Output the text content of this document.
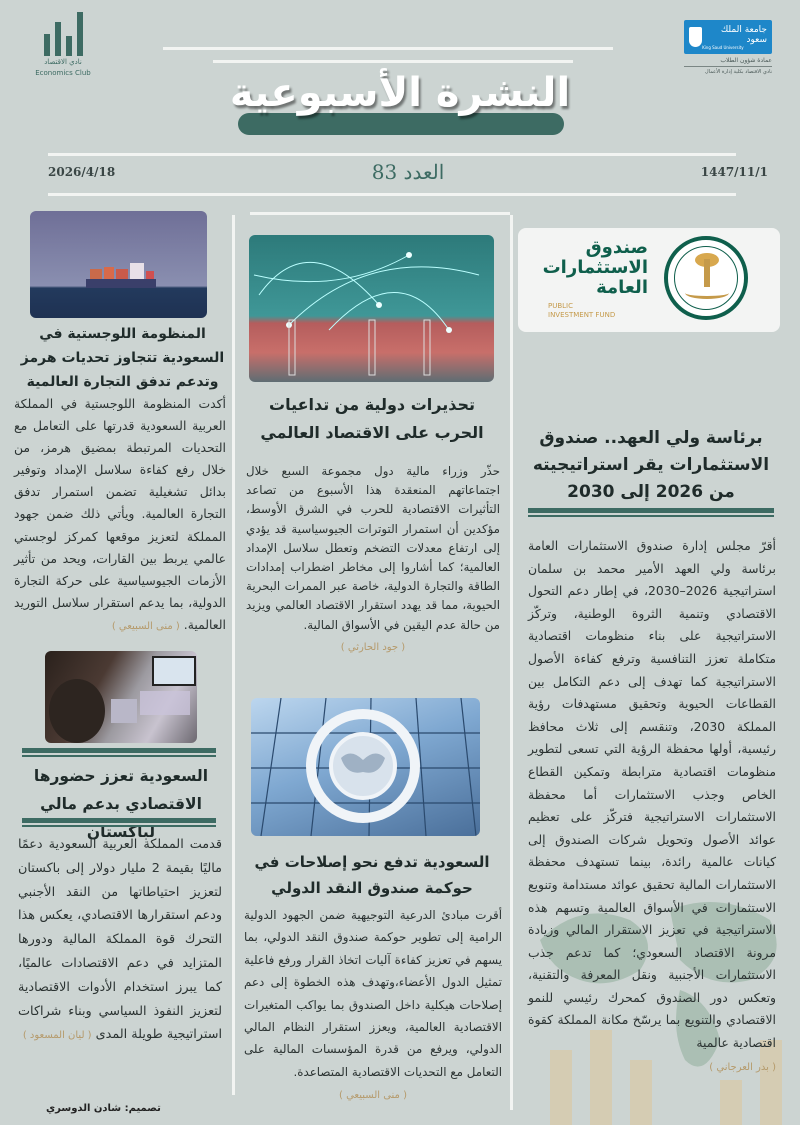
نادي الاقتصاد
Economics Club
جامعة الملك سعود
King Saud University
عمادة شؤون الطلاب
نادي الاقتصاد بكلية إدارة الأعمال
النشرة الأسبوعية
2026/4/18	العدد 83	1447/11/1
صندوق الاستثمارات العامة
PUBLIC
INVESTMENT FUND
برئاسة ولي العهد.. صندوق الاستثمارات يقر استراتيجيته من 2026 إلى 2030
أقرّ مجلس إدارة صندوق الاستثمارات العامة برئاسة ولي العهد الأمير محمد بن سلمان استراتيجية 2026–2030، في إطار دعم التحول الاقتصادي وتنمية الثروة الوطنية، وتركّز الاستراتيجية على بناء منظومات اقتصادية متكاملة تعزز التنافسية وترفع كفاءة الأصول الاستراتيجية كما تهدف إلى دعم التكامل بين القطاعات الحيوية وتحقيق مستهدفات رؤية المملكة 2030، وتنقسم إلى ثلاث محافظ رئيسية، أولها محفظة الرؤية التي تسعى لتطوير منظومات اقتصادية مترابطة وتمكين القطاع الخاص وجذب الاستثمارات أما محفظة الاستثمارات الاستراتيجية فتركّز على تعظيم عوائد الأصول وتحويل شركات الصندوق إلى كيانات عالمية رائدة، بينما تستهدف محفظة الاستثمارات المالية تحقيق عوائد مستدامة وتنويع الاستثمارات في الأسواق العالمية وتسهم هذه الاستراتيجية في تعزيز الاستقرار المالي وزيادة مرونة الاقتصاد السعودي؛ كما تدعم جذب الاستثمارات الأجنبية ونقل المعرفة والتقنية، وتعكس دور الصندوق كمحرك رئيسي للنمو الاقتصادي والتنويع بما يرسّخ مكانة المملكة كقوة اقتصادية عالمية
( بدر العرجاني )
تحذيرات دولية من تداعيات الحرب على الاقتصاد العالمي
حذّر وزراء مالية دول مجموعة السبع خلال اجتماعاتهم المنعقدة هذا الأسبوع من تصاعد التأثيرات الاقتصادية للحرب في الشرق الأوسط، مؤكدين أن استمرار التوترات الجيوسياسية قد يؤدي إلى ارتفاع معدلات التضخم وتعطل سلاسل الإمداد العالمية؛ كما أشاروا إلى مخاطر اضطراب إمدادات الطاقة والتجارة الدولية، خاصة عبر الممرات البحرية الحيوية، مما قد يهدد استقرار الاقتصاد العالمي ويزيد من حالة عدم اليقين في الأسواق المالية.
( جود الحارثي )
السعودية تدفع نحو إصلاحات في حوكمة صندوق النقد الدولي
أقرت مبادئ الدرعية التوجيهية ضمن الجهود الدولية الرامية إلى تطوير حوكمة صندوق النقد الدولي، بما يسهم في تعزيز كفاءة آليات اتخاذ القرار ورفع فاعلية تمثيل الدول الأعضاء،وتهدف هذه الخطوة إلى دعم إصلاحات هيكلية داخل الصندوق بما يواكب المتغيرات الاقتصادية العالمية، ويعزز استقرار النظام المالي الدولي، ويرفع من قدرة المؤسسات المالية على التعامل مع التحديات الاقتصادية المتصاعدة.
( منى السبيعي )
المنظومة اللوجستية في السعودية تتجاوز تحديات هرمز وتدعم تدفق التجارة العالمية
أكدت المنظومة اللوجستية في المملكة العربية السعودية قدرتها على التعامل مع التحديات المرتبطة بمضيق هرمز، من خلال رفع كفاءة سلاسل الإمداد وتوفير بدائل تشغيلية تضمن استمرار تدفق التجارة العالمية. ويأتي ذلك ضمن جهود المملكة لتعزيز موقعها كمركز لوجستي عالمي يربط بين القارات، ويحد من تأثير الأزمات الجيوسياسية على حركة التجارة الدولية، بما يدعم استقرار سلاسل التوريد العالمية. ( منى السبيعي )
السعودية تعزز حضورها الاقتصادي بدعم مالي لباكستان
قدمت المملكة العربية السعودية دعمًا ماليًا بقيمة 2 مليار دولار إلى باكستان لتعزيز احتياطاتها من النقد الأجنبي ودعم استقرارها الاقتصادي، يعكس هذا التحرك قوة المملكة المالية ودورها المتزايد في دعم الاقتصادات عالميًا، كما يبرز استخدام الأدوات الاقتصادية لتعزيز النفوذ السياسي وبناء شراكات استراتيجية طويلة المدى ( ليان المسعود )
تصميم: شادن الدوسري
